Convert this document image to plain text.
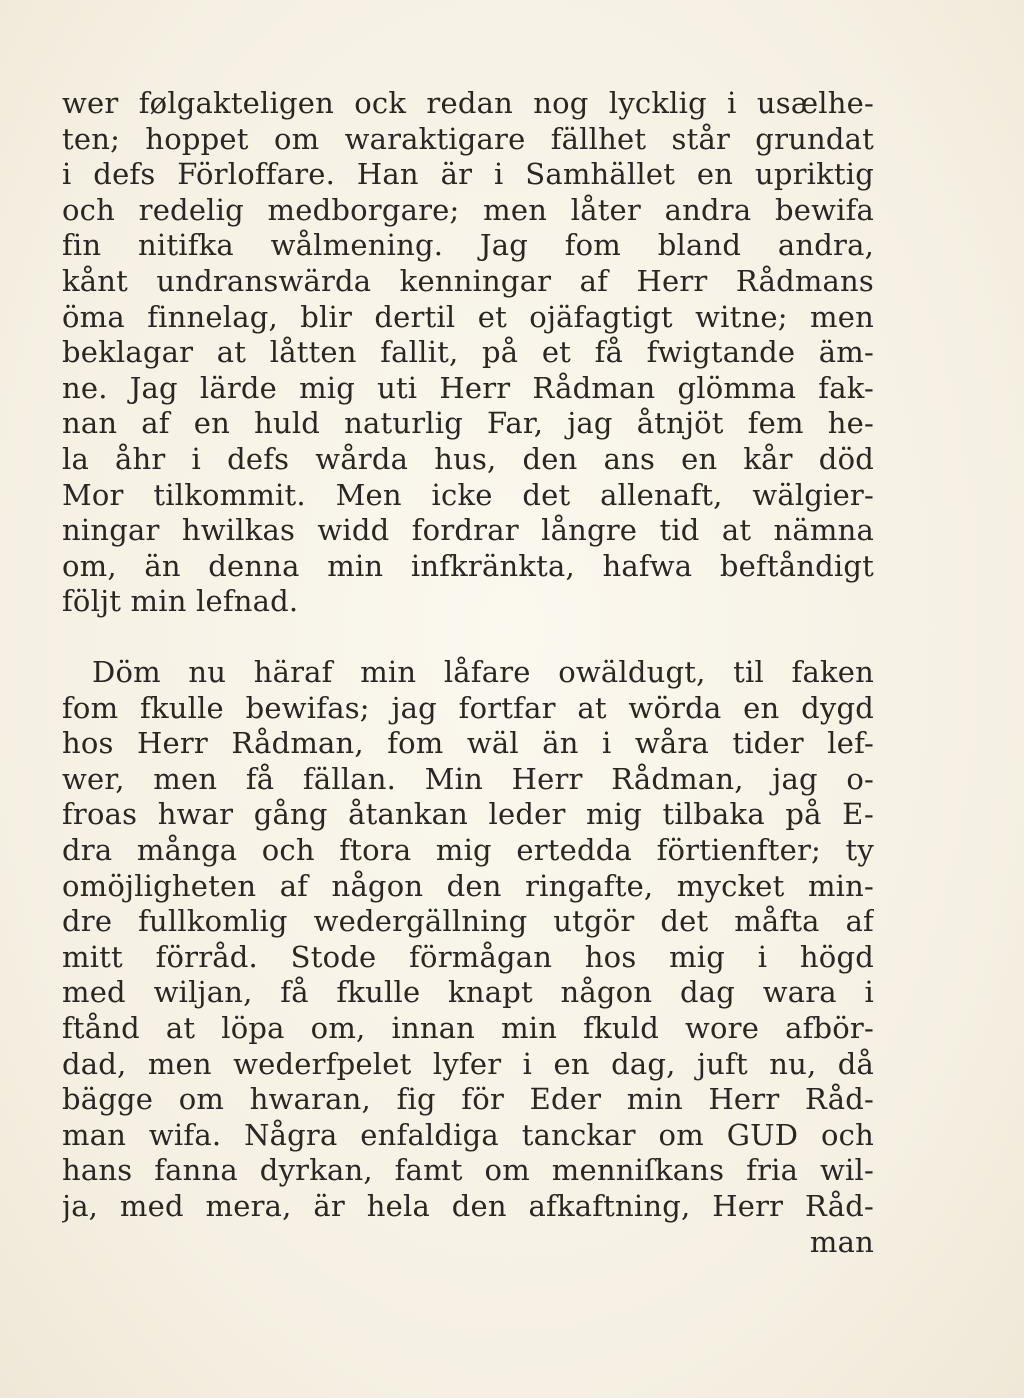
wer følgakteligen ock redan nog lycklig i usælhe-
ten; hoppet om waraktigare fällhet står grundat
i defs Förloffare. Han är i Samhället en upriktig
och redelig medborgare; men låter andra bewifa
fin nitifka wålmening. Jag fom bland andra,
kånt undranswärda kenningar af Herr Rådmans
öma finnelag, blir dertil et ojäfagtigt witne; men
beklagar at låtten fallit, på et få fwigtande äm-
ne. Jag lärde mig uti Herr Rådman glömma fak-
nan af en huld naturlig Far, jag åtnjöt fem he-
la åhr i defs wårda hus, den ans en kår död
Mor tilkommit. Men icke det allenaft, wälgier-
ningar hwilkas widd fordrar långre tid at nämna
om, än denna min infkränkta, hafwa beftåndigt
följt min lefnad.
Döm nu häraf min låfare owäldugt, til faken
fom fkulle bewifas; jag fortfar at wörda en dygd
hos Herr Rådman, fom wäl än i wåra tider lef-
wer, men få fällan. Min Herr Rådman, jag o-
froas hwar gång åtankan leder mig tilbaka på E-
dra många och ftora mig ertedda förtienfter; ty
omöjligheten af någon den ringafte, mycket min-
dre fullkomlig wedergällning utgör det måfta af
mitt förråd. Stode förmågan hos mig i högd
med wiljan, få fkulle knapt någon dag wara i
ftånd at löpa om, innan min fkuld wore afbör-
dad, men wederfpelet lyfer i en dag, juft nu, då
bägge om hwaran, fig för Eder min Herr Råd-
man wifa. Några enfaldiga tanckar om GUD och
hans fanna dyrkan, famt om menniſkans fria wil-
ja, med mera, är hela den afkaftning, Herr Råd-
man
